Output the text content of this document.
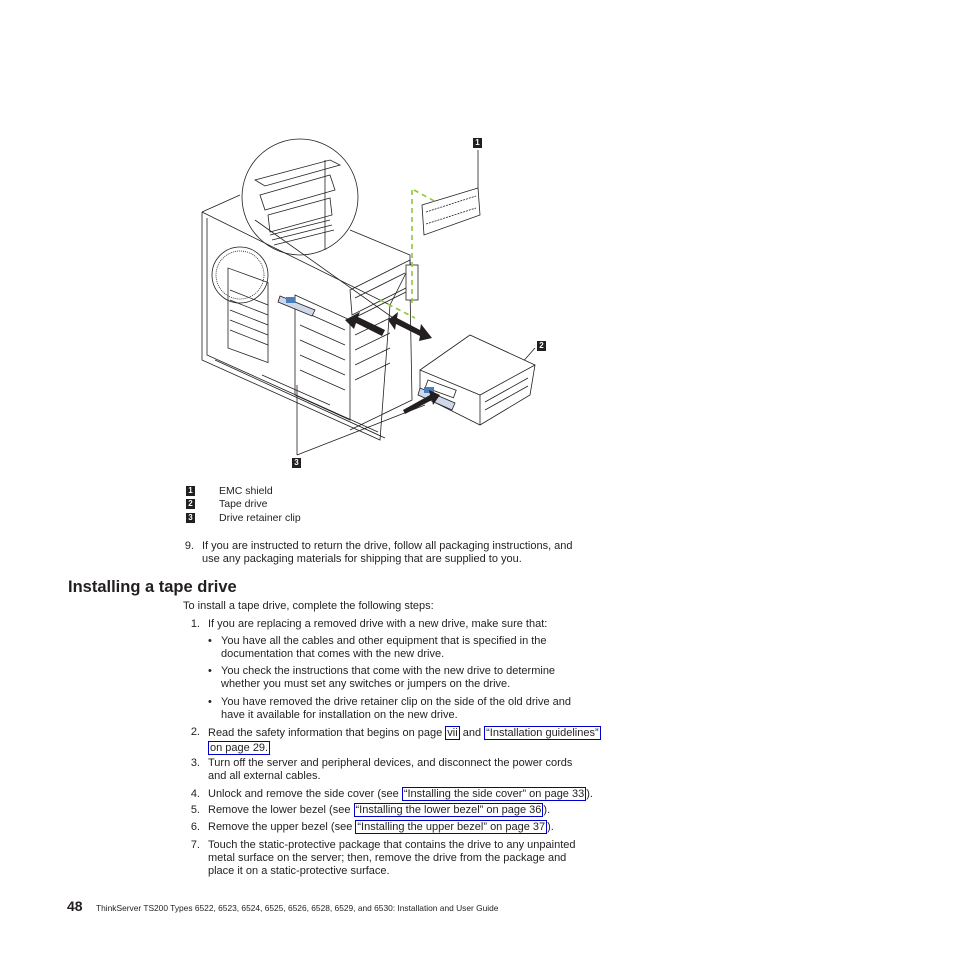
1
2
3
1	EMC shield
2	Tape drive
3	Drive retainer clip
9. If you are instructed to return the drive, follow all packaging instructions, and
use any packaging materials for shipping that are supplied to you.
Installing a tape drive
To install a tape drive, complete the following steps:
1. If you are replacing a removed drive with a new drive, make sure that:
• You have all the cables and other equipment that is specified in the
documentation that comes with the new drive.
• You check the instructions that come with the new drive to determine
whether you must set any switches or jumpers on the drive.
• You have removed the drive retainer clip on the side of the old drive and
have it available for installation on the new drive.
2. Read the safety information that begins on page vii and “Installation guidelines”
on page 29.
3. Turn off the server and peripheral devices, and disconnect the power cords
and all external cables.
4. Unlock and remove the side cover (see “Installing the side cover” on page 33 ).
5. Remove the lower bezel (see “Installing the lower bezel” on page 36 ).
6. Remove the upper bezel (see “Installing the upper bezel” on page 37 ).
7. Touch the static-protective package that contains the drive to any unpainted
metal surface on the server; then, remove the drive from the package and
place it on a static-protective surface.
48 ThinkServer TS200 Types 6522, 6523, 6524, 6525, 6526, 6528, 6529, and 6530: Installation and User Guide
